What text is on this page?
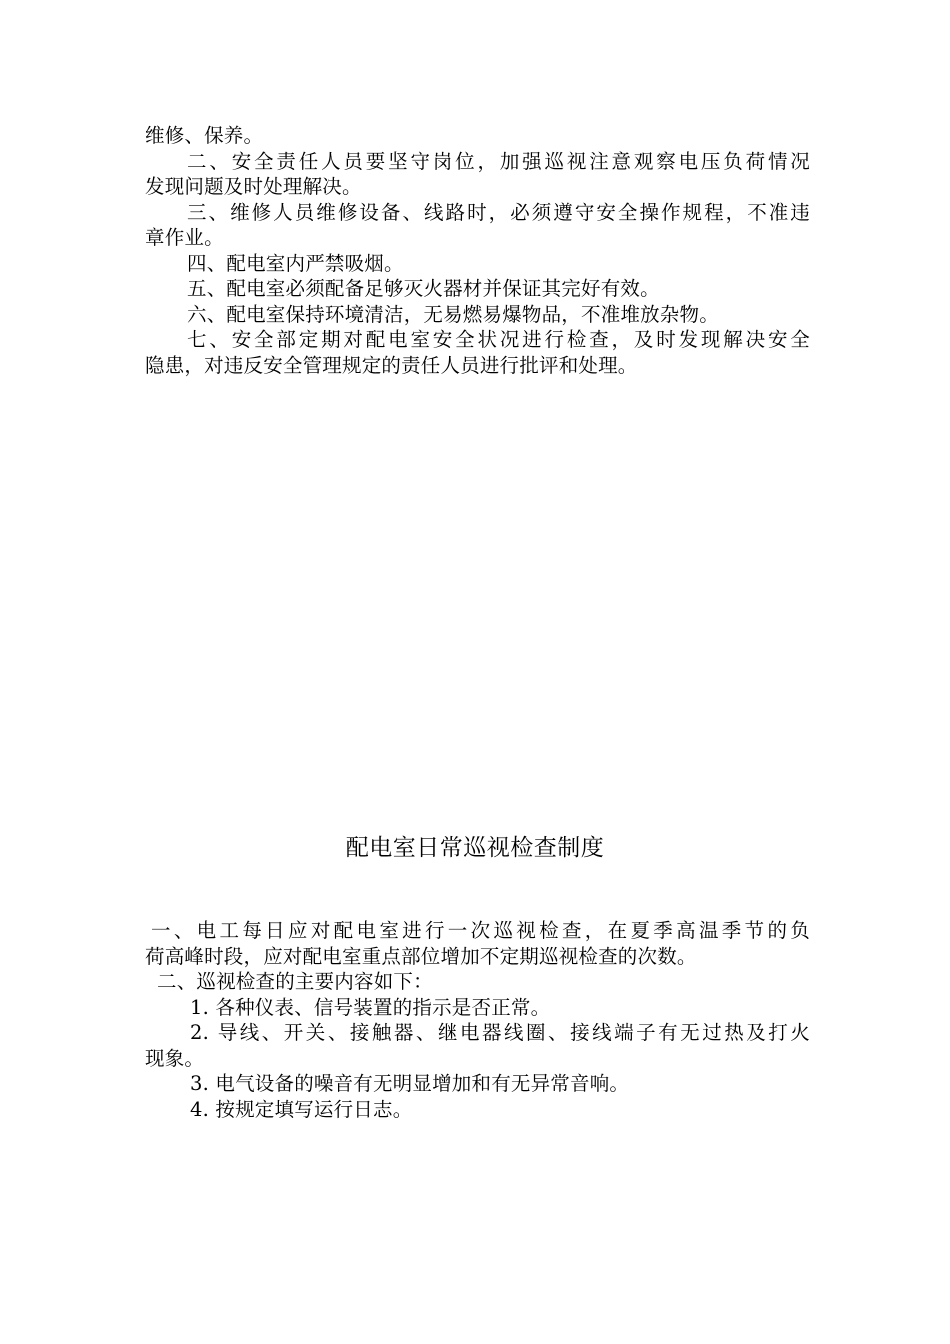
维修、保养。
二、安全责任人员要坚守岗位，加强巡视注意观察电压负荷情况
发现问题及时处理解决。
三、维修人员维修设备、线路时，必须遵守安全操作规程，不准违
章作业。
四、配电室内严禁吸烟。
五、配电室必须配备足够灭火器材并保证其完好有效。
六、配电室保持环境清洁，无易燃易爆物品，不准堆放杂物。
七、安全部定期对配电室安全状况进行检查，及时发现解决安全
隐患，对违反安全管理规定的责任人员进行批评和处理。
配电室日常巡视检查制度
一、电工每日应对配电室进行一次巡视检查，在夏季高温季节的负
荷高峰时段，应对配电室重点部位增加不定期巡视检查的次数。
二、巡视检查的主要内容如下：
1. 各种仪表、信号装置的指示是否正常。
2. 导线、开关、接触器、继电器线圈、接线端子有无过热及打火
现象。
3. 电气设备的噪音有无明显增加和有无异常音响。
4. 按规定填写运行日志。
